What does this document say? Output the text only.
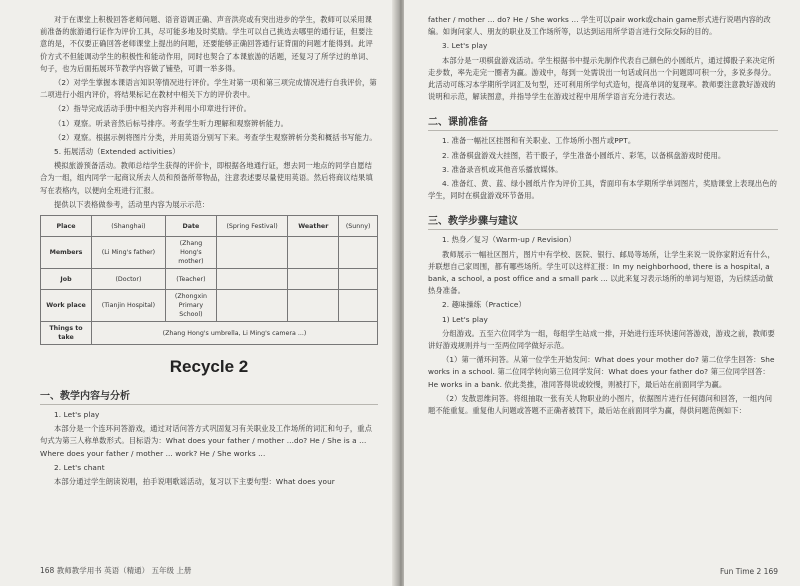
对于在课堂上积极回答老师问题、语音语调正确、声音洪亮或有突出进步的学生，教师可以采用课前准备的旅游通行证作为评价工具，尽可能多地及时奖励。学生可以自己挑选去哪里的通行证，但要注意的是，不仅要正确回答老师课堂上提出的问题，还要能够正确回答通行证背面的问题才能得到。此评价方式不但能调动学生的积极性和能动作用，同时也契合了本课旅游的话题，还复习了所学过的单词、句子，也为后面拓展环节教学内容做了铺垫，可谓一举多得。

（2）对学生掌握本课语言知识等情况进行评价。学生对第一项和第三项完成情况进行自我评价，第二项进行小组内评价，将结果标记在教材中相关下方的评价表中。

（2）指导完成活动手册中相关内容并利用小印章进行评价。

（1）观察。听录音然后标号排序。考查学生听力理解和观察辨析能力。

（2）观察。根据示例将图片分类，并用英语分别写下来。考查学生观察辨析分类和概括书写能力。

5. 拓展活动（Extended activities）

模拟旅游预备活动。教师总结学生获得的评价卡，即根据各地通行证，想去同一地点的同学自愿结合为一组，组内同学一起商议所去人员和预备所带物品，注意表述要尽量使用英语。然后将商议结果填写在表格内，以便向全班进行汇报。

提供以下表格做参考，活动里内容为展示示范：

Place	(Shanghai)	Date	(Spring Festival)	Weather	(Sunny)
Members	(Li Ming's father)	(Zhang Hong's mother)			
Job	(Doctor)	(Teacher)			
Work place	(Tianjin Hospital)	(Zhongxin Primary School)			
Things to take	(Zhang Hong's umbrella, Li Ming's camera ...)				
Recycle 2
一、教学内容与分析

1. Let's play

本部分是一个连环问答游戏，通过对话问答方式巩固复习有关职业及工作场所的词汇和句子，重点句式为第三人称单数形式。目标语为：What does your father / mother ...do? He / She is a ... Where does your father / mother ... work? He / She works ...

2. Let's chant

本部分通过学生朗读说唱，拍手说唱歌谣活动，复习以下主要句型：What does your

168 教师教学用书 英语（精通） 五年级 上册

father / mother ... do? He / She works ... 学生可以pair work或chain game形式进行说唱内容的改编。如询问家人、朋友的职业及工作场所等，以达到运用所学语言进行交际交际的目的。

3. Let's play

本部分是一项棋盘游戏活动。学生根据书中提示先制作代表自己颜色的小圆纸片，通过掷骰子来决定所走步数，率先走完一圈者为赢。游戏中，每到一处需说出一句话或问出一个问题即可积一分，多说多得分。此活动可练习本学期所学词汇及句型，还可利用所学句式造句，提高单词的复现率。教师要注意教好游戏的说明和示范，解读图意，并指导学生在游戏过程中用所学语言充分进行表达。

二、课前准备

1. 准备一幅社区挂图和有关职业、工作场所小图片或PPT。

2. 准备棋盘游戏大挂图，若干骰子，学生准备小圆纸片、彩笔，以备棋盘游戏时使用。

3. 准备录音机或其他音乐播放媒体。

4. 准备红、黄、蓝、绿小圆纸片作为评价工具，背面印有本学期所学单词图片，奖励课堂上表现出色的学生，同时在棋盘游戏环节备用。

三、教学步骤与建议

1. 热身／复习（Warm-up / Revision）

教师展示一幅社区图片，图片中有学校、医院、银行、邮局等场所，让学生来说一说你家附近有什么，并联想自己家周围，都有哪些场所。学生可以这样汇报：In my neighborhood, there is a hospital, a bank, a school, a post office and a small park ... 以此来复习表示场所的单词与短语，为后续活动做热身准备。

2. 趣味操练（Practice）

1) Let's play

分组游戏。五至六位同学为一组，每组学生站成一排，开始进行连环快速问答游戏，游戏之前，教师要讲好游戏规则并与一至两位同学做好示范。

（1）第一循环问答。从第一位学生开始发问：What does your mother do? 第二位学生回答：She works in a school. 第二位同学转向第三位同学发问：What does your father do? 第三位同学回答：He works in a bank. 依此类推，准同答得说或较慢，则被打下，最后站在前面同学为赢。

（2）发散思维问答。将组抽取一张有关人物职业的小图片，依据图片进行任何德问和回答，一组内问题不能重复。重复他人问题或答题不正确者被罚下，最后站在前面同学为赢，得供问题范例如下：

Fun Time 2 169
